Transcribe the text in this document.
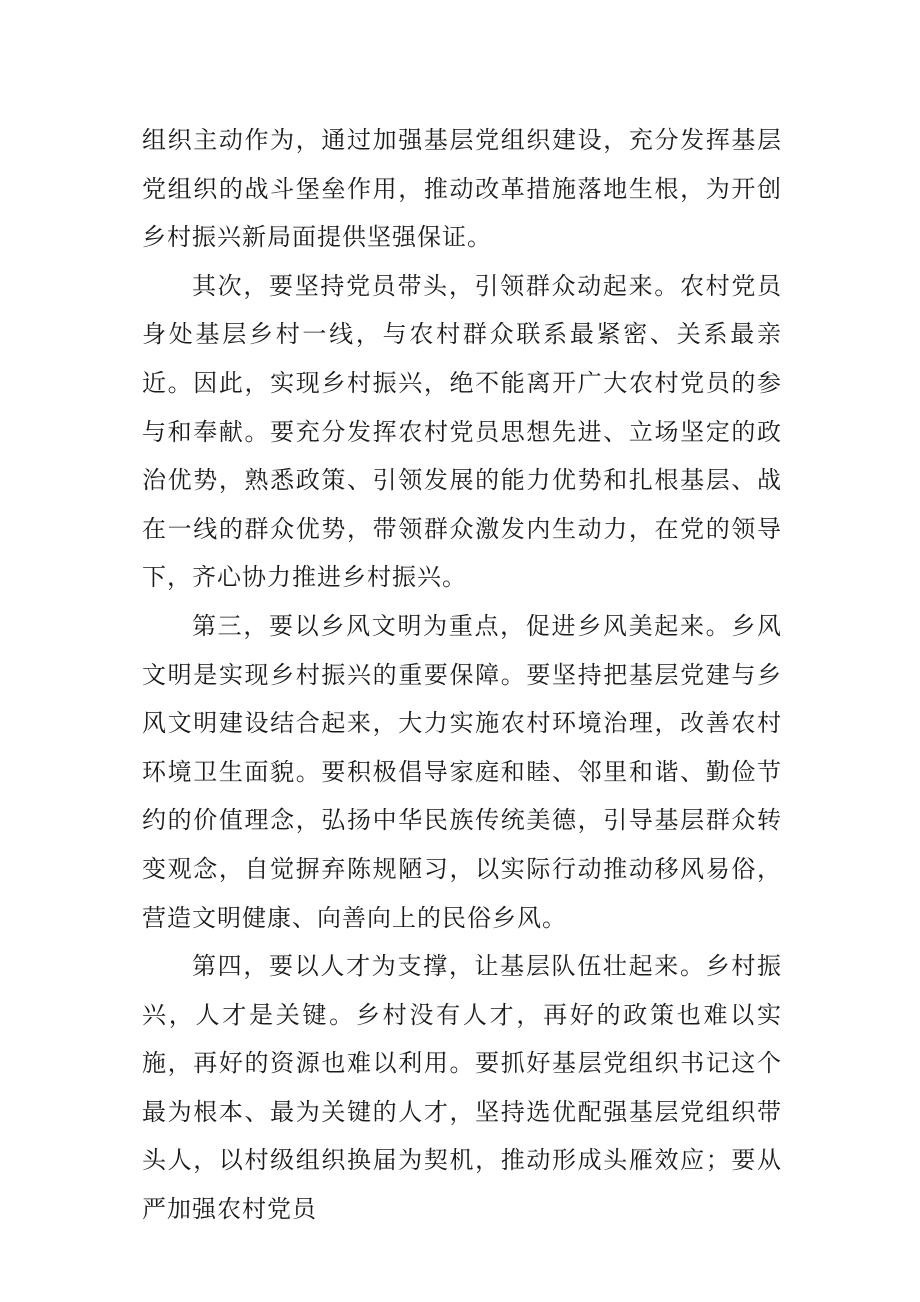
组织主动作为，通过加强基层党组织建设，充分发挥基层党组织的战斗堡垒作用，推动改革措施落地生根，为开创乡村振兴新局面提供坚强保证。

其次，要坚持党员带头，引领群众动起来。农村党员身处基层乡村一线，与农村群众联系最紧密、关系最亲近。因此，实现乡村振兴，绝不能离开广大农村党员的参与和奉献。要充分发挥农村党员思想先进、立场坚定的政治优势，熟悉政策、引领发展的能力优势和扎根基层、战在一线的群众优势，带领群众激发内生动力，在党的领导下，齐心协力推进乡村振兴。

第三，要以乡风文明为重点，促进乡风美起来。乡风文明是实现乡村振兴的重要保障。要坚持把基层党建与乡风文明建设结合起来，大力实施农村环境治理，改善农村环境卫生面貌。要积极倡导家庭和睦、邻里和谐、勤俭节约的价值理念，弘扬中华民族传统美德，引导基层群众转变观念，自觉摒弃陈规陋习，以实际行动推动移风易俗，营造文明健康、向善向上的民俗乡风。

第四，要以人才为支撑，让基层队伍壮起来。乡村振兴，人才是关键。乡村没有人才，再好的政策也难以实施，再好的资源也难以利用。要抓好基层党组织书记这个最为根本、最为关键的人才，坚持选优配强基层党组织带头人，以村级组织换届为契机，推动形成头雁效应；要从严加强农村党员
